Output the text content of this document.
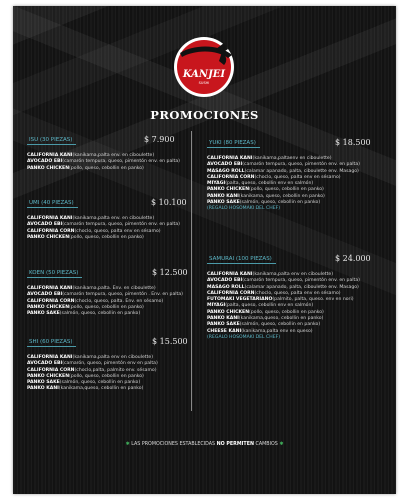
KANJEI
SUSHI
PROMOCIONES
ISU (30 PIEZAS)	$ 7.900
CALIFORNIA KANI(kanikama,palta env. en ciboulette)
AVOCADO EBI(camarón tempura, queso, pimentón env. en palta)
PANKO CHICKEN(pollo, queso, cebollin en panko)
UMI (40 PIEZAS)	$ 10.100
CALIFORNIA KANI(kanikama,palta env. en ciboulette)
AVOCADO EBI(camarón tempura, queso, pimentón env. en palta)
CALIFORNIA CORN(choclo, queso, palta env en sésamo)
PANKO CHICKEN(pollo, queso, cebollin en panko)
KOEN (50 PIEZAS)	$ 12.500
CALIFORNIA KANI(kanikama,palta. Env. en ciboulette)
AVOCADO EBI(camarón tempura, queso, pimentón . Env. en palta)
CALIFORNIA CORN(choclo, queso, palta. Env. en sésamo)
PANKO CHICKEN(pollo, queso, cebollin en panko)
PANKO SAKE(salmón, queso, cebollin en panko)
SHI (60 PIEZAS)	$ 15.500
CALIFORNIA KANI(kanikama,palta env en ciboulette)
AVOCADO EBI(camarón, queso, pimentón env en palta)
CALIFORNIA CORN(choclo,palta, palmito env. sésamo)
PANKO CHICKEN(pollo, queso, cebollin en panko)
PANKO SAKE(salmón, queso, cebollin en panko)
PANKO KANI(kanikama,queso, cebollin en panko)
YUKI (80 PIEZAS)	$ 18.500
CALIFORNIA KANI(kanikama,paltaenv en ciboulette)
AVOCADO EBI(camarón tempura, queso, pimentón env. en palta)
MASAGO ROLL(calamar apanado, palta, ciboulette env. Masago)
CALIFORNIA CORN(choclo, queso, palta env en sésamo)
MIYAGI(palta, queso, cebollin env en salmón)
PANKO CHICKEN(pollo, queso, cebollin en panko)
PANKO KANI(kanikama, queso, cebollin en panko)
PANKO SAKE(salmón, queso, cebollin en panko)
(REGALO HOSOMAKI DEL CHEF)
SAMURAI (100 PIEZAS)	$ 24.000
CALIFORNIA KANI(kanikama,palta env en ciboulette)
AVOCADO EBI(camarón tempura, queso, pimentón env. en palta)
MASAGO ROLL(calamar apanado, palta, ciboulette env. Masago)
CALIFORNIA CORN(choclo, queso, palta env en sésamo)
FUTOMAKI VEGETARIANO(palmito, palta, queso. env en nori)
MIYAGI(palta, queso, cebollin env en salmón)
PANKO CHICKEN(pollo, queso, cebollin en panko)
PANKO KANI(kanikama,queso, cebollin en panko)
PANKO SAKE(salmón, queso, cebollin en panko)
CHEESE KANI(kanikama,palta env en queso)
(REGALO HOSOMAKI DEL CHEF)
✱ LAS PROMOCIONES ESTABLECIDAS NO PERMITEN CAMBIOS ✱
